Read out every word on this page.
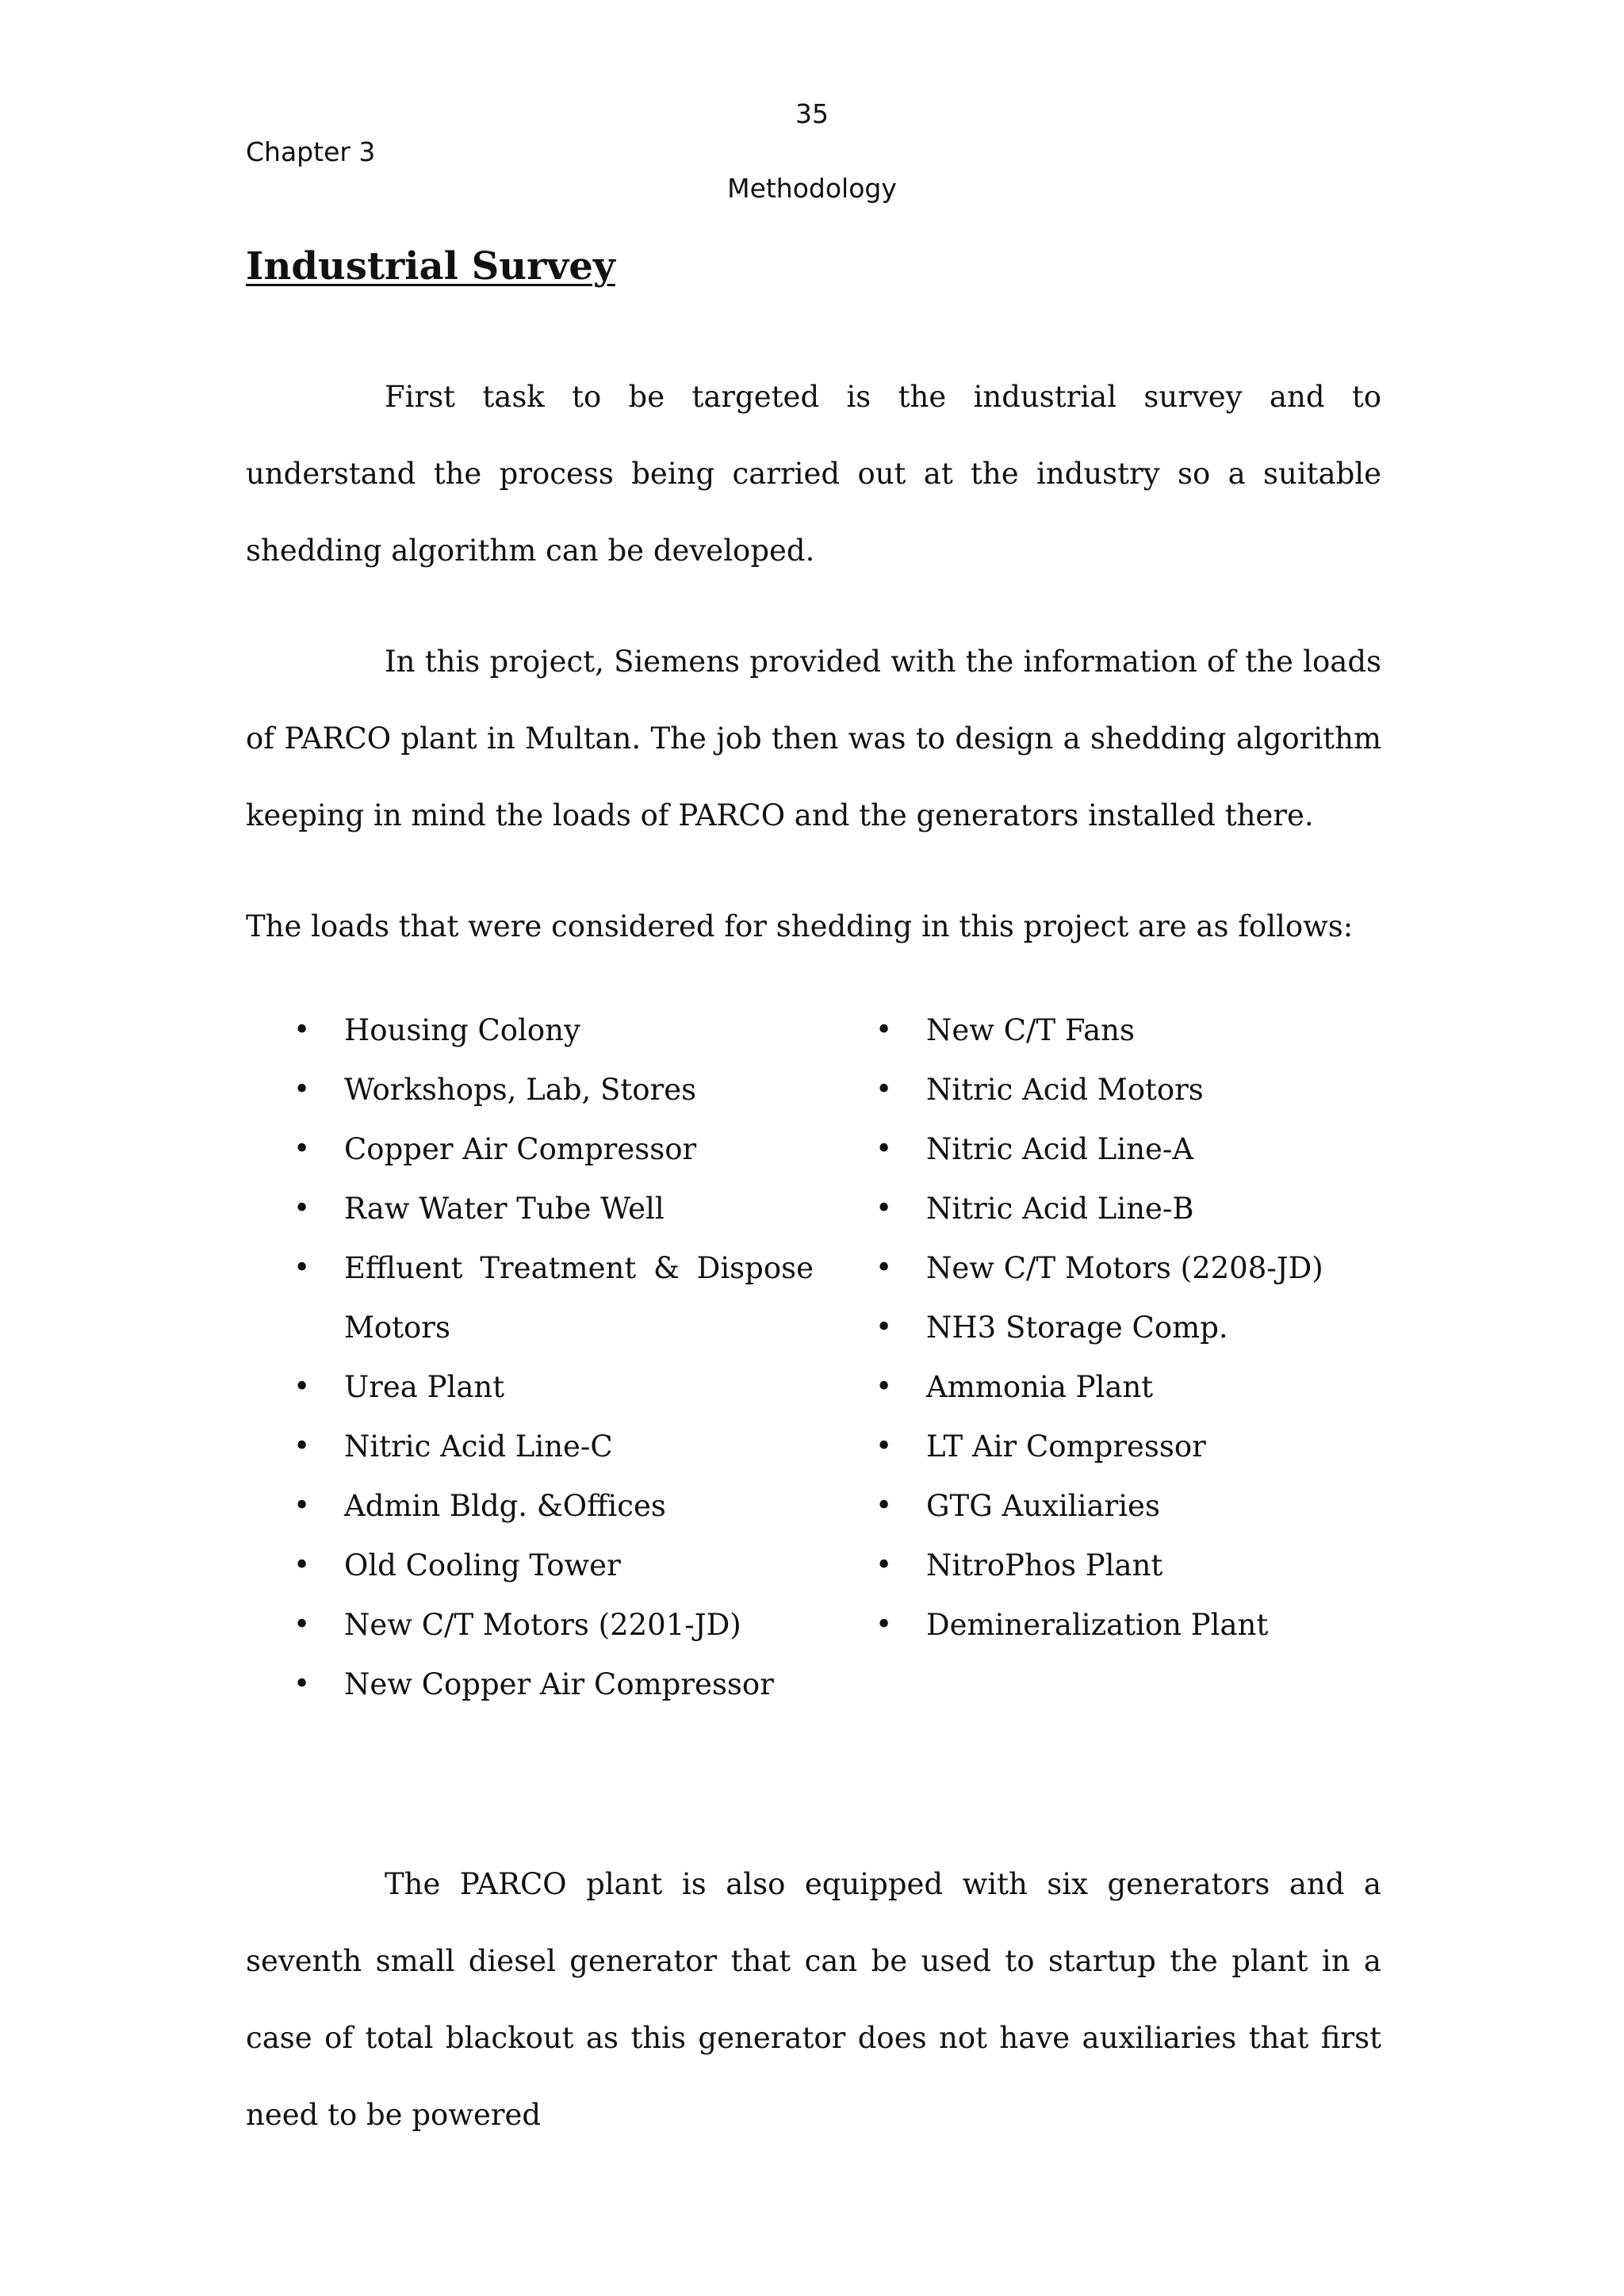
35
Chapter 3
Methodology
Industrial Survey

First task to be targeted is the industrial survey and to understand the process being carried out at the industry so a suitable shedding algorithm can be developed.

In this project, Siemens provided with the information of the loads of PARCO plant in Multan. The job then was to design a shedding algorithm keeping in mind the loads of PARCO and the generators installed there.

The loads that were considered for shedding in this project are as follows:

• Housing Colony
• Workshops, Lab, Stores
• Copper Air Compressor
• Raw Water Tube Well
• Effluent Treatment & Dispose Motors
• Urea Plant
• Nitric Acid Line-C
• Admin Bldg. &Offices
• Old Cooling Tower
• New C/T Motors (2201-JD)
• New Copper Air Compressor
• New C/T Fans
• Nitric Acid Motors
• Nitric Acid Line-A
• Nitric Acid Line-B
• New C/T Motors (2208-JD)
• NH3 Storage Comp.
• Ammonia Plant
• LT Air Compressor
• GTG Auxiliaries
• NitroPhos Plant
• Demineralization Plant

The PARCO plant is also equipped with six generators and a seventh small diesel generator that can be used to startup the plant in a case of total blackout as this generator does not have auxiliaries that first need to be powered
